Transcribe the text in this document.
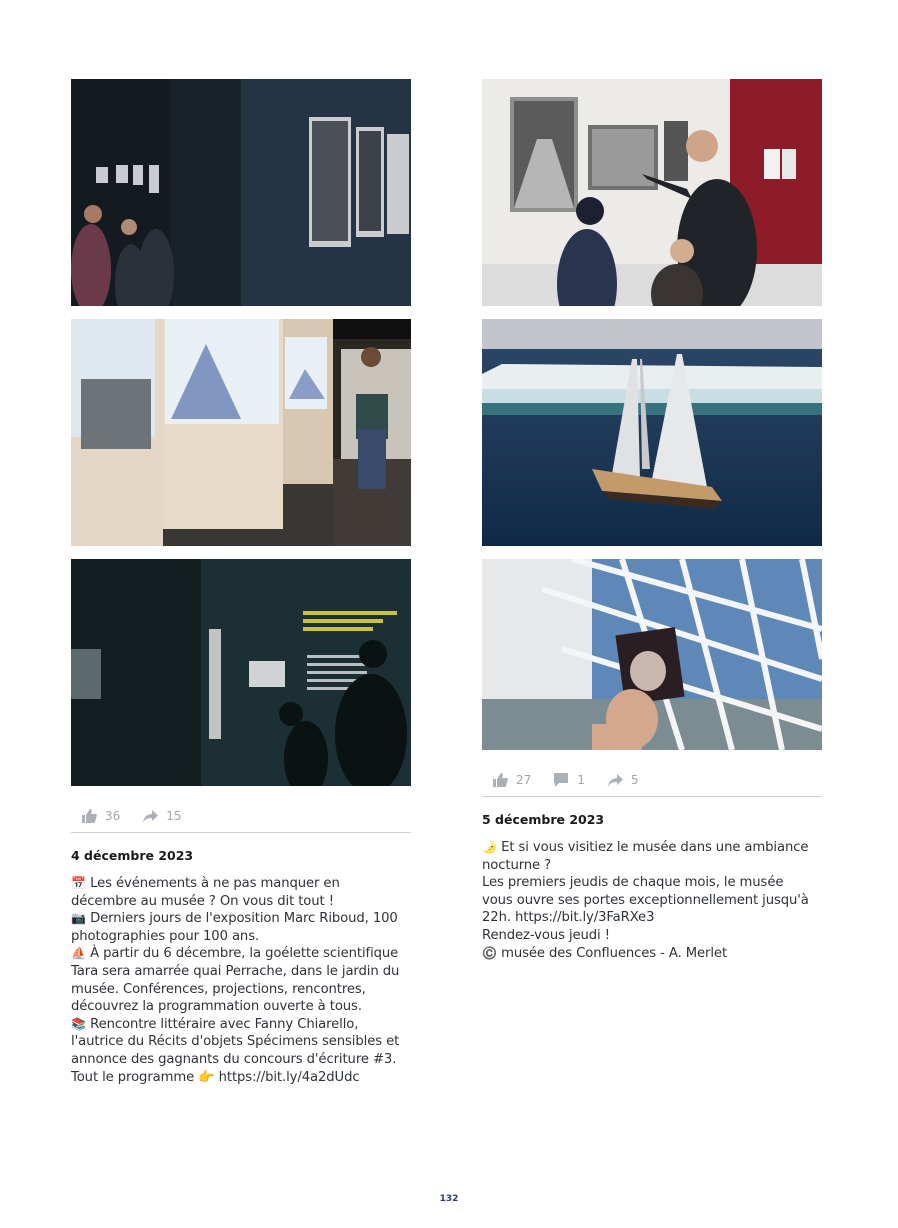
36	15
4 décembre 2023
📅 Les événements à ne pas manquer en
décembre au musée ? On vous dit tout !
📷 Derniers jours de l'exposition Marc Riboud, 100
photographies pour 100 ans.
⛵ À partir du 6 décembre, la goélette scientifique
Tara sera amarrée quai Perrache, dans le jardin du
musée. Conférences, projections, rencontres,
découvrez la programmation ouverte à tous.
📚 Rencontre littéraire avec Fanny Chiarello,
l'autrice du Récits d'objets Spécimens sensibles et
annonce des gagnants du concours d'écriture #3.
Tout le programme 👉 https://bit.ly/4a2dUdc
27	1	5
5 décembre 2023
🌛 Et si vous visitiez le musée dans une ambiance
nocturne ?
Les premiers jeudis de chaque mois, le musée
vous ouvre ses portes exceptionnellement jusqu'à
22h. https://bit.ly/3FaRXe3
Rendez-vous jeudi !
©️ musée des Confluences - A. Merlet
132
